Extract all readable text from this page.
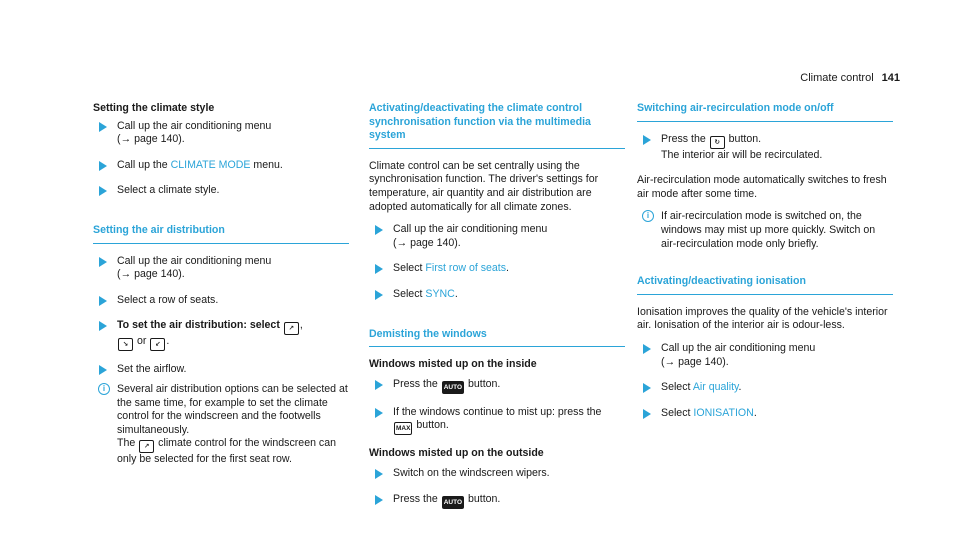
Climate control 141
Setting the climate style
Call up the air conditioning menu
(→ page 140).
Call up the CLIMATE MODE menu.
Select a climate style.
Setting the air distribution
Call up the air conditioning menu
(→ page 140).
Select a row of seats.
To set the air distribution: select ↗ ,
↘ or ↙ .
Set the airflow.
i	Several air distribution options can be selected at the same time, for example to set the climate control for the windscreen and the footwells simultaneously.
The ↗ climate control for the windscreen can only be selected for the first seat row.
Activating/deactivating the climate control synchronisation function via the multimedia system
Climate control can be set centrally using the synchronisation function. The driver's settings for temperature, air quantity and air distribution are adopted automatically for all climate zones.
Call up the air conditioning menu
(→ page 140).
Select First row of seats.
Select SYNC.
Demisting the windows
Windows misted up on the inside
Press the AUTO button.
If the windows continue to mist up: press the
MAX button.
Windows misted up on the outside
Switch on the windscreen wipers.
Press the AUTO button.
Switching air-recirculation mode on/off
Press the ↻ button.
The interior air will be recirculated.
Air-recirculation mode automatically switches to fresh air mode after some time.
i	If air-recirculation mode is switched on, the windows may mist up more quickly. Switch on air-recirculation mode only briefly.
Activating/deactivating ionisation
Ionisation improves the quality of the vehicle's interior air. Ionisation of the interior air is odour-less.
Call up the air conditioning menu
(→ page 140).
Select Air quality.
Select IONISATION.
